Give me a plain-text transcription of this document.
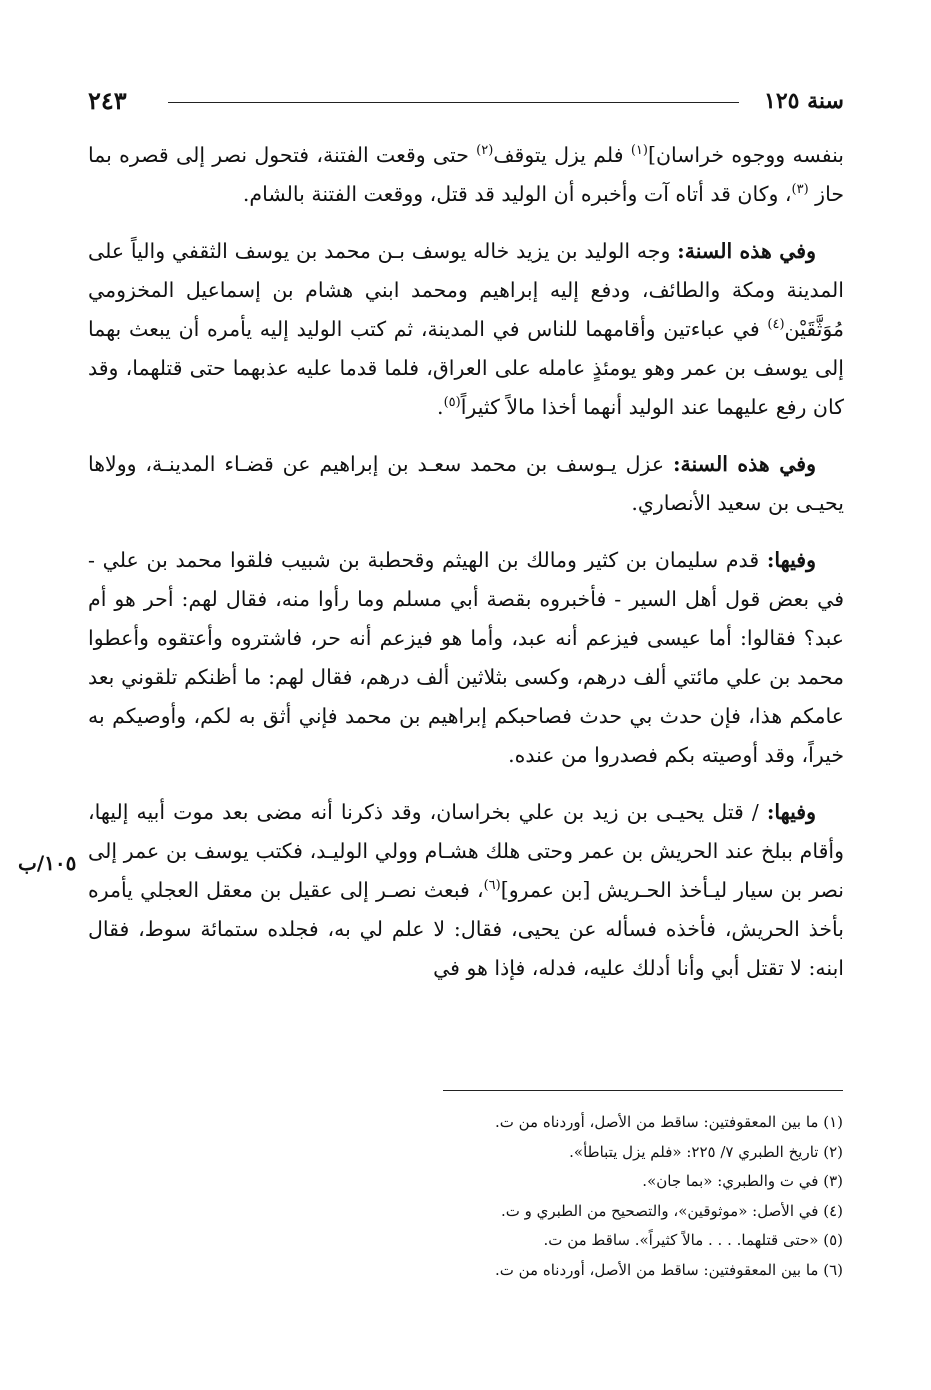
سنة ١٢٥
٢٤٣

بنفسه ووجوه خراسان]$^{(١)}$ فلم يزل يتوقف$^{(٢)}$ حتى وقعت الفتنة، فتحول نصر إلى قصره بما حاز $^{(٣)}$، وكان قد أتاه آت وأخبره أن الوليد قد قتل، ووقعت الفتنة بالشام.

وفي هذه السنة: وجه الوليد بن يزيد خاله يوسف بـن محمد بن يوسف الثقفي والياً على المدينة ومكة والطائف، ودفع إليه إبراهيم ومحمد ابني هشام بن إسماعيل المخزومي مُوَثَّقَيْن$^{(٤)}$ في عباءتين وأقامهما للناس في المدينة، ثم كتب الوليد إليه يأمره أن يبعث بهما إلى يوسف بن عمر وهو يومئذٍ عامله على العراق، فلما قدما عليه عذبهما حتى قتلهما، وقد كان رفع عليهما عند الوليد أنهما أخذا مالاً كثيراً$^{(٥)}$.

وفي هذه السنة: عزل يـوسف بن محمد سعـد بن إبراهيم عن قضـاء المدينـة، وولاها يحيـى بن سعيد الأنصاري.

وفيها: قدم سليمان بن كثير ومالك بن الهيثم وقحطبة بن شبيب فلقوا محمد بن علي - في بعض قول أهل السير - فأخبروه بقصة أبي مسلم وما رأوا منه، فقال لهم: أحر هو أم عبد؟ فقالوا: أما عيسى فيزعم أنه عبد، وأما هو فيزعم أنه حر، فاشتروه وأعتقوه وأعطوا محمد بن علي مائتي ألف درهم، وكسى بثلاثين ألف درهم، فقال لهم: ما أظنكم تلقوني بعد عامكم هذا، فإن حدث بي حدث فصاحبكم إبراهيم بن محمد فإني أثق به لكم، وأوصيكم به خيراً، وقد أوصيته بكم فصدروا من عنده.

وفيها: / قتل يحيـى بن زيد بن علي بخراسان، وقد ذكرنا أنه مضى بعد موت أبيه إليها، وأقام ببلخ عند الحريش بن عمر وحتى هلك هشـام وولي الوليـد، فكتب يوسف بن عمر إلى نصر بن سيار ليـأخذ الحـريش [بن عمرو]$^{(٦)}$، فبعث نصـر إلى عقيل بن معقل العجلي يأمره بأخذ الحريش، فأخذه فسأله عن يحيى، فقال: لا علم لي به، فجلده ستمائة سوط، فقال ابنه: لا تقتل أبي وأنا أدلك عليه، فدله، فإذا هو في

١٠٥/ب
(١) ما بين المعقوفتين: ساقط من الأصل، أوردناه من ت.
(٢) تاريخ الطبري ٧/ ٢٢٥: «فلم يزل يتباطأ».
(٣) في ت والطبري: «بما جان».
(٤) في الأصل: «موثوقين»، والتصحيح من الطبري و ت.
(٥) «حتى قتلهما. . . . مالاً كثيراً». ساقط من ت.
(٦) ما بين المعقوفتين: ساقط من الأصل، أوردناه من ت.
